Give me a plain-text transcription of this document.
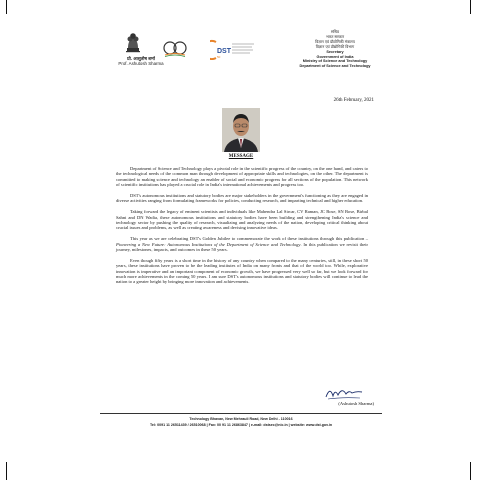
प्रो. आशुतोष शर्मा
Prof. Ashutosh Sharma
DST
50
सचिव
भारत सरकार
विज्ञान एवं प्रौद्योगिकी मंत्रालय
विज्ञान एवं प्रौद्योगिकी विभाग
Secretary
Government of India
Ministry of Science and Technology
Department of Science and Technology
26th February, 2021
MESSAGE

Department of Science and Technology plays a pivotal role in the scientific progress of the country, on the one hand, and caters to the technological needs of the common man through development of appropriate skills and technologies, on the other. The department is committed to making science and technology an enabler of social and economic progress for all sections of the population. This network of scientific institutions has played a crucial role in India's international achievements and progress too.

DST's autonomous institutions and statutory bodies are major stakeholders in the government's functioning as they are engaged in diverse activities ranging from formulating frameworks for policies, conducting research, and imparting technical and higher education.

Taking forward the legacy of eminent scientists and individuals like Mahendra Lal Sircar, CV Raman, JC Bose, SN Bose, Birbal Sahni and DN Wadia, these autonomous institutions and statutory bodies have been building and strengthening India's science and technology sector by pushing the quality of research, visualizing and analyzing needs of the nation, developing critical thinking about crucial issues and problems, as well as creating awareness and devising innovative ideas.

This year as we are celebrating DST's Golden Jubilee to commemorate the work of these institutions through this publication –Pioneering a New Future: Autonomous Institutions of the Department of Science and Technology. In this publication we revisit their journey, milestones, impacts, and outcomes in these 50 years.

Even though fifty years is a short time in the history of any country when compared to the many centuries, still, in these short 50 years, these institutions have proven to be the leading institutes of India on many fronts and that of the world too. While, explorative innovation is imperative and an important component of economic growth, we have progressed very well so far, but we look forward for much more achievements in the coming 50 years. I am sure DST's autonomous institutions and statutory bodies will continue to lead the nation to a greater height by bringing more innovation and achievements.

(Ashutosh Sharma)
Technology Bhavan, New Mehrauli Road, New Delhi - 110016
Tel: 0091 11 26511439 / 26510068 | Fax: 00 91 11 26863847 | e-mail: dstsec@nic.in | website: www.dst.gov.in
